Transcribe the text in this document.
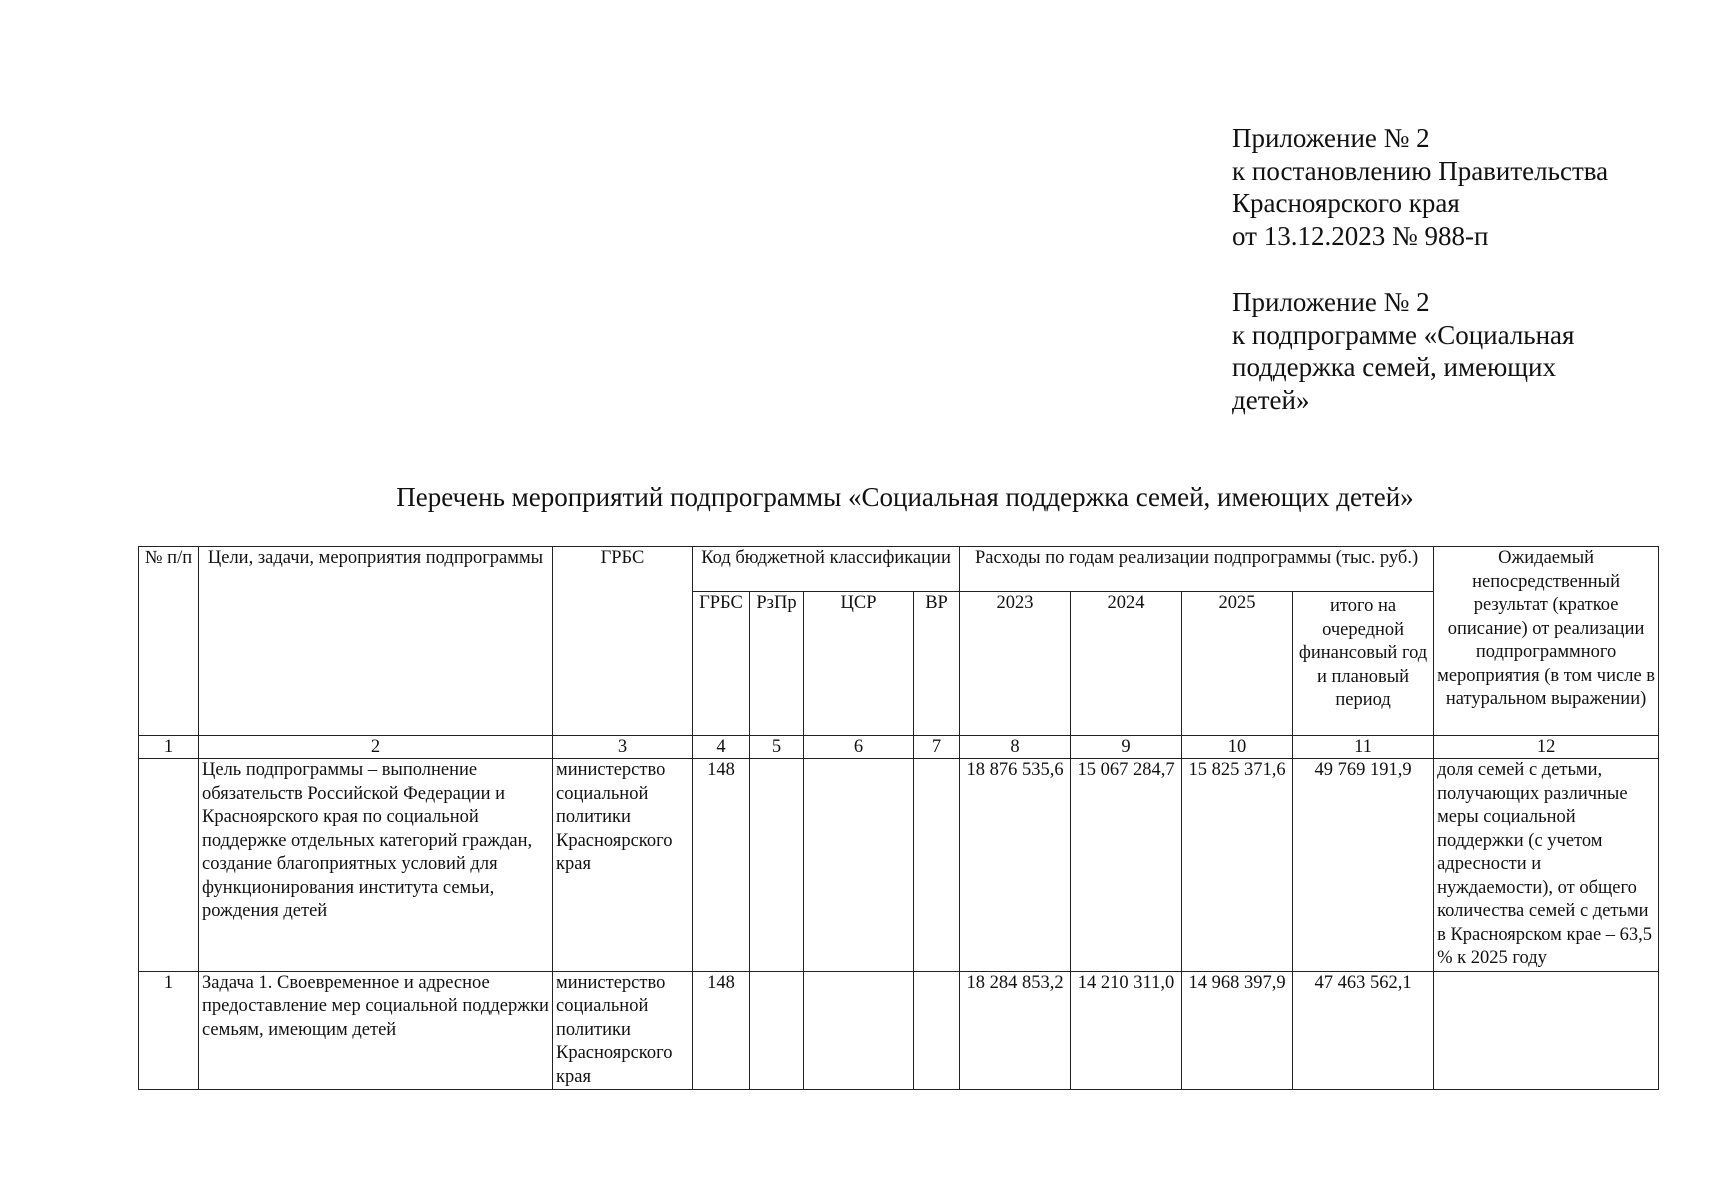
Приложение № 2
к постановлению Правительства
Красноярского края
от 13.12.2023 № 988-п
Приложение № 2
к подпрограмме «Социальная
поддержка семей, имеющих
детей»
Перечень мероприятий подпрограммы «Социальная поддержка семей, имеющих детей»
№ п/п	Цели, задачи, мероприятия подпрограммы	ГРБС	Код бюджетной классификации				Расходы по годам реализации подпрограммы (тыс. руб.)				Ожидаемый непосредственный результат (краткое описание) от реализации подпрограммного мероприятия (в том числе в натуральном выражении)
			ГРБС	РзПр	ЦСР	ВР	2023	2024	2025	итого на очередной финансовый год и плановый период	
1	2	3	4	5	6	7	8	9	10	11	12
	Цель подпрограммы – выполнение обязательств Российской Федерации и Красноярского края по социальной поддержке отдельных категорий граждан, создание благоприятных условий для функционирования института семьи, рождения детей	министерство социальной политики Красноярского края	148				18 876 535,6	15 067 284,7	15 825 371,6	49 769 191,9	доля семей с детьми, получающих различные меры социальной поддержки (с учетом адресности и нуждаемости), от общего количества семей с детьми в Красноярском крае – 63,5 % к 2025 году
1	Задача 1. Своевременное и адресное предоставление мер социальной поддержки семьям, имеющим детей	министерство социальной политики Красноярского края	148				18 284 853,2	14 210 311,0	14 968 397,9	47 463 562,1	
